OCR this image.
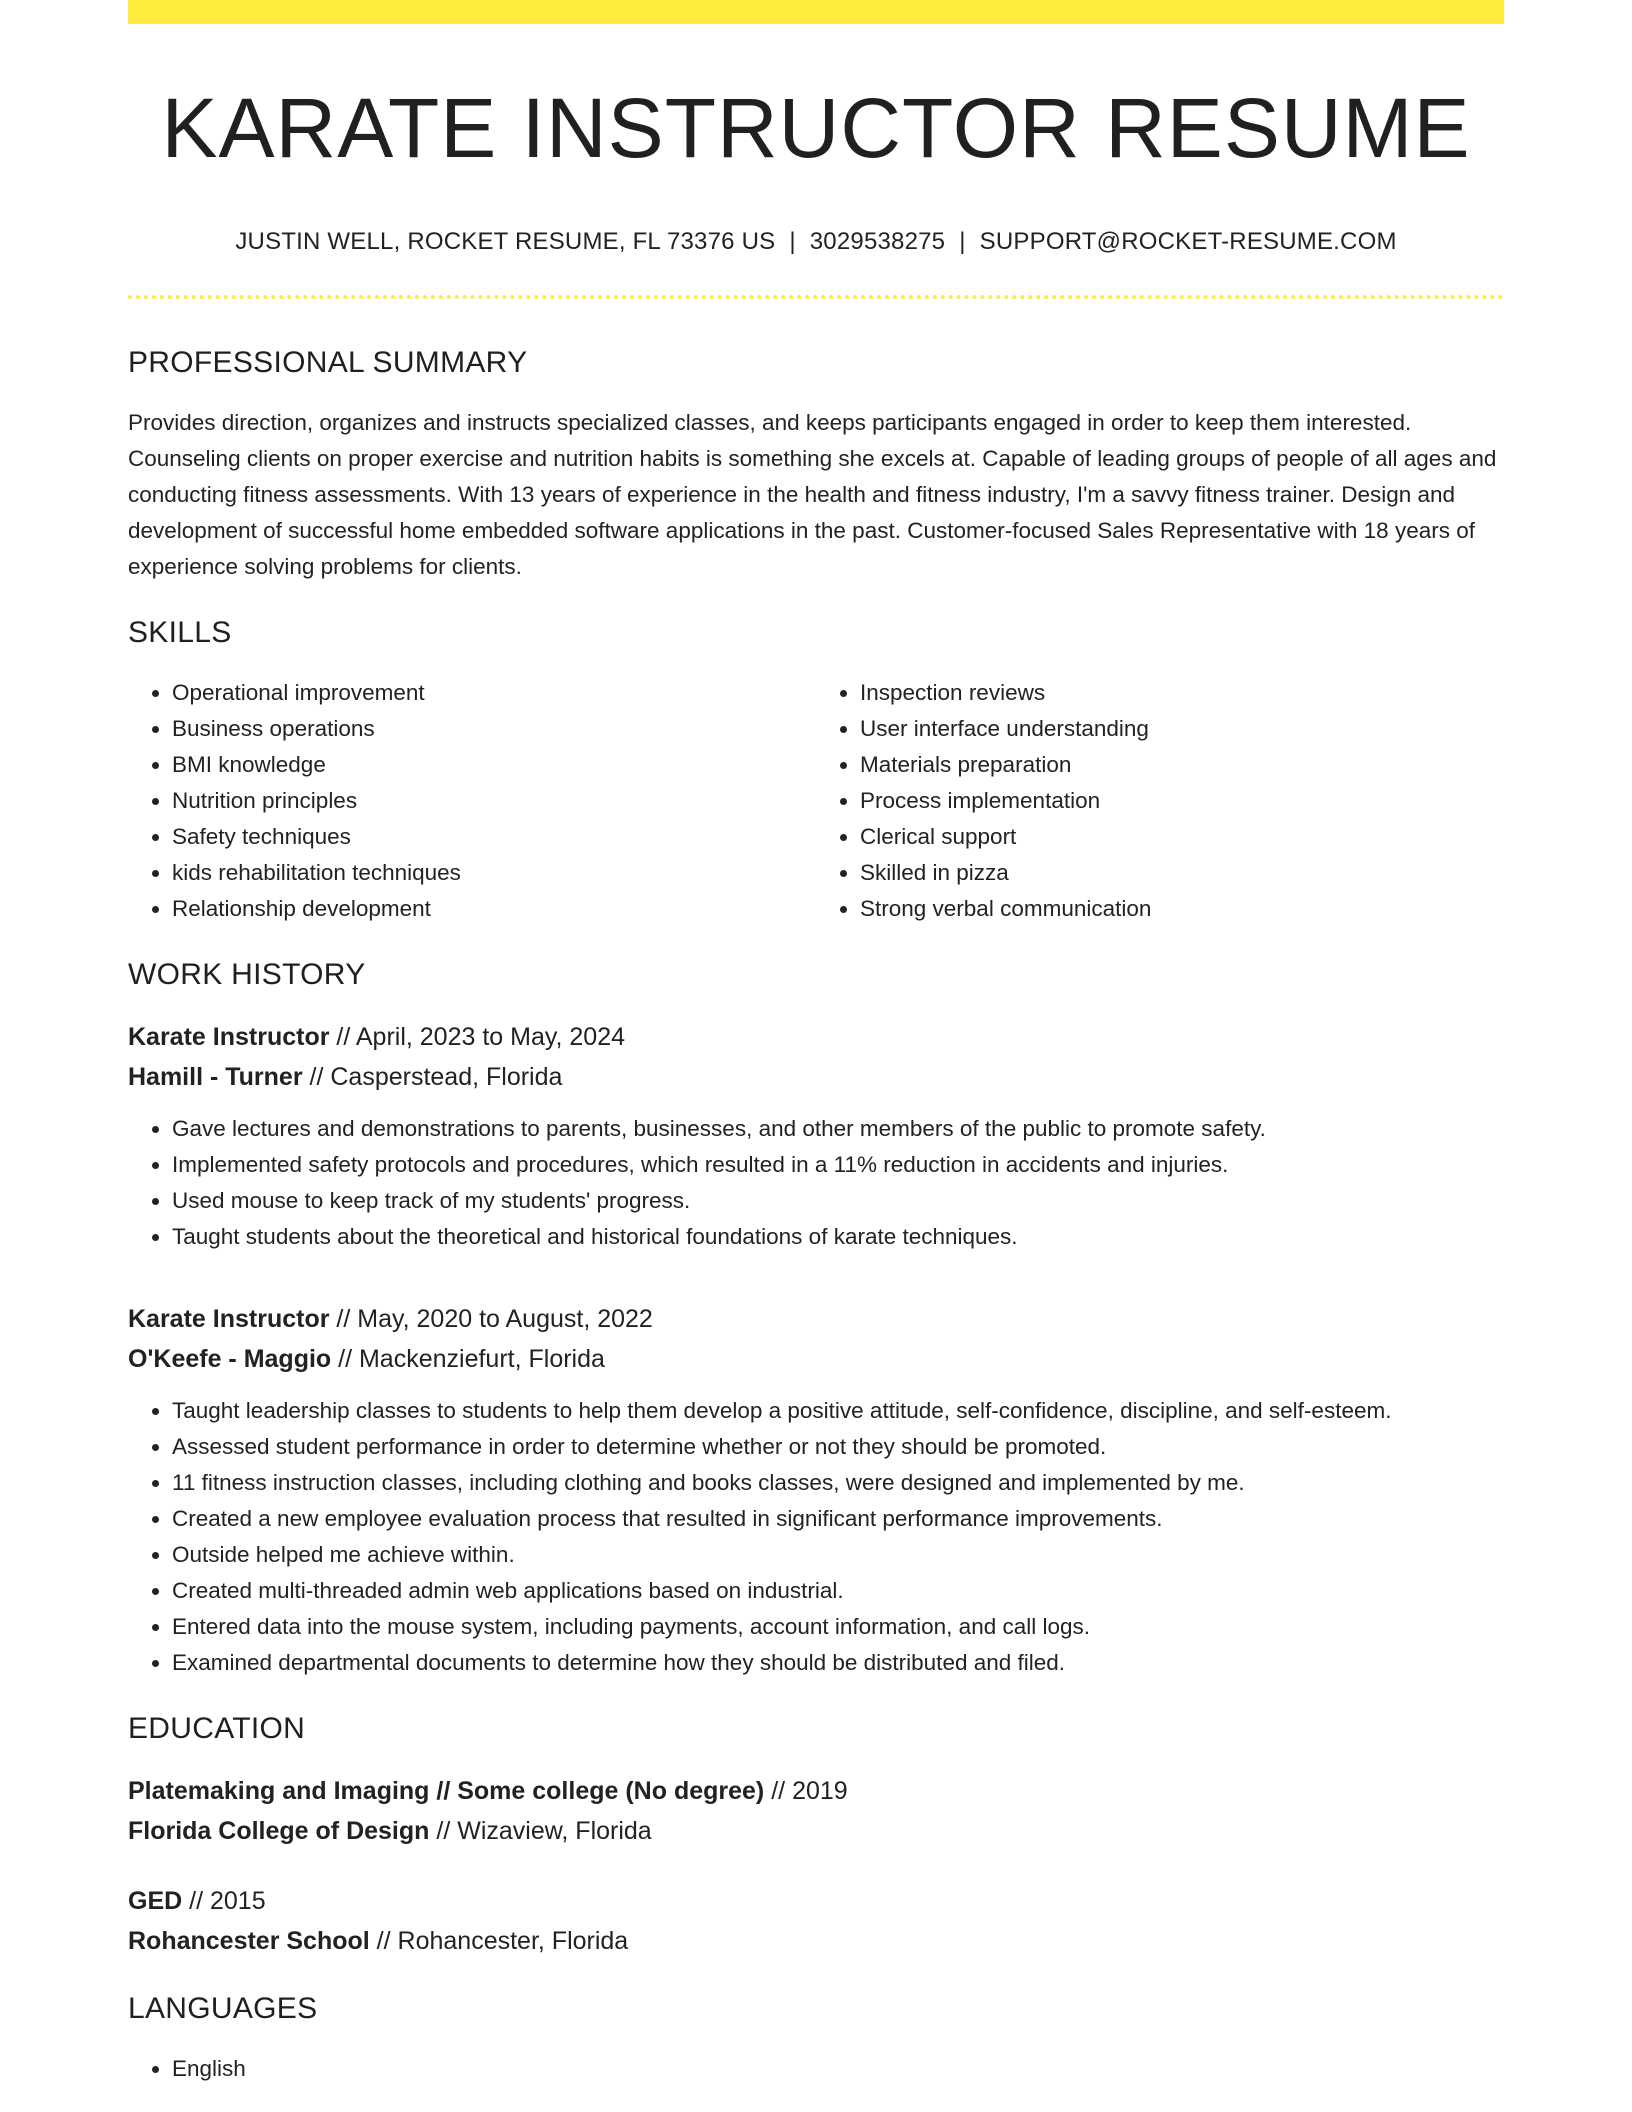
KARATE INSTRUCTOR RESUME
JUSTIN WELL, ROCKET RESUME, FL 73376 US | 3029538275 | SUPPORT@ROCKET-RESUME.COM
PROFESSIONAL SUMMARY
Provides direction, organizes and instructs specialized classes, and keeps participants engaged in order to keep them interested. Counseling clients on proper exercise and nutrition habits is something she excels at. Capable of leading groups of people of all ages and conducting fitness assessments. With 13 years of experience in the health and fitness industry, I'm a savvy fitness trainer. Design and development of successful home embedded software applications in the past. Customer-focused Sales Representative with 18 years of experience solving problems for clients.
SKILLS
• Operational improvement
• Business operations
• BMI knowledge
• Nutrition principles
• Safety techniques
• kids rehabilitation techniques
• Relationship development
• Inspection reviews
• User interface understanding
• Materials preparation
• Process implementation
• Clerical support
• Skilled in pizza
• Strong verbal communication
WORK HISTORY
Karate Instructor // April, 2023 to May, 2024
Hamill - Turner // Casperstead, Florida
• Gave lectures and demonstrations to parents, businesses, and other members of the public to promote safety.
• Implemented safety protocols and procedures, which resulted in a 11% reduction in accidents and injuries.
• Used mouse to keep track of my students' progress.
• Taught students about the theoretical and historical foundations of karate techniques.
Karate Instructor // May, 2020 to August, 2022
O'Keefe - Maggio // Mackenziefurt, Florida
• Taught leadership classes to students to help them develop a positive attitude, self-confidence, discipline, and self-esteem.
• Assessed student performance in order to determine whether or not they should be promoted.
• 11 fitness instruction classes, including clothing and books classes, were designed and implemented by me.
• Created a new employee evaluation process that resulted in significant performance improvements.
• Outside helped me achieve within.
• Created multi-threaded admin web applications based on industrial.
• Entered data into the mouse system, including payments, account information, and call logs.
• Examined departmental documents to determine how they should be distributed and filed.
EDUCATION
Platemaking and Imaging // Some college (No degree) // 2019
Florida College of Design // Wizaview, Florida
GED // 2015
Rohancester School // Rohancester, Florida
LANGUAGES
• English
